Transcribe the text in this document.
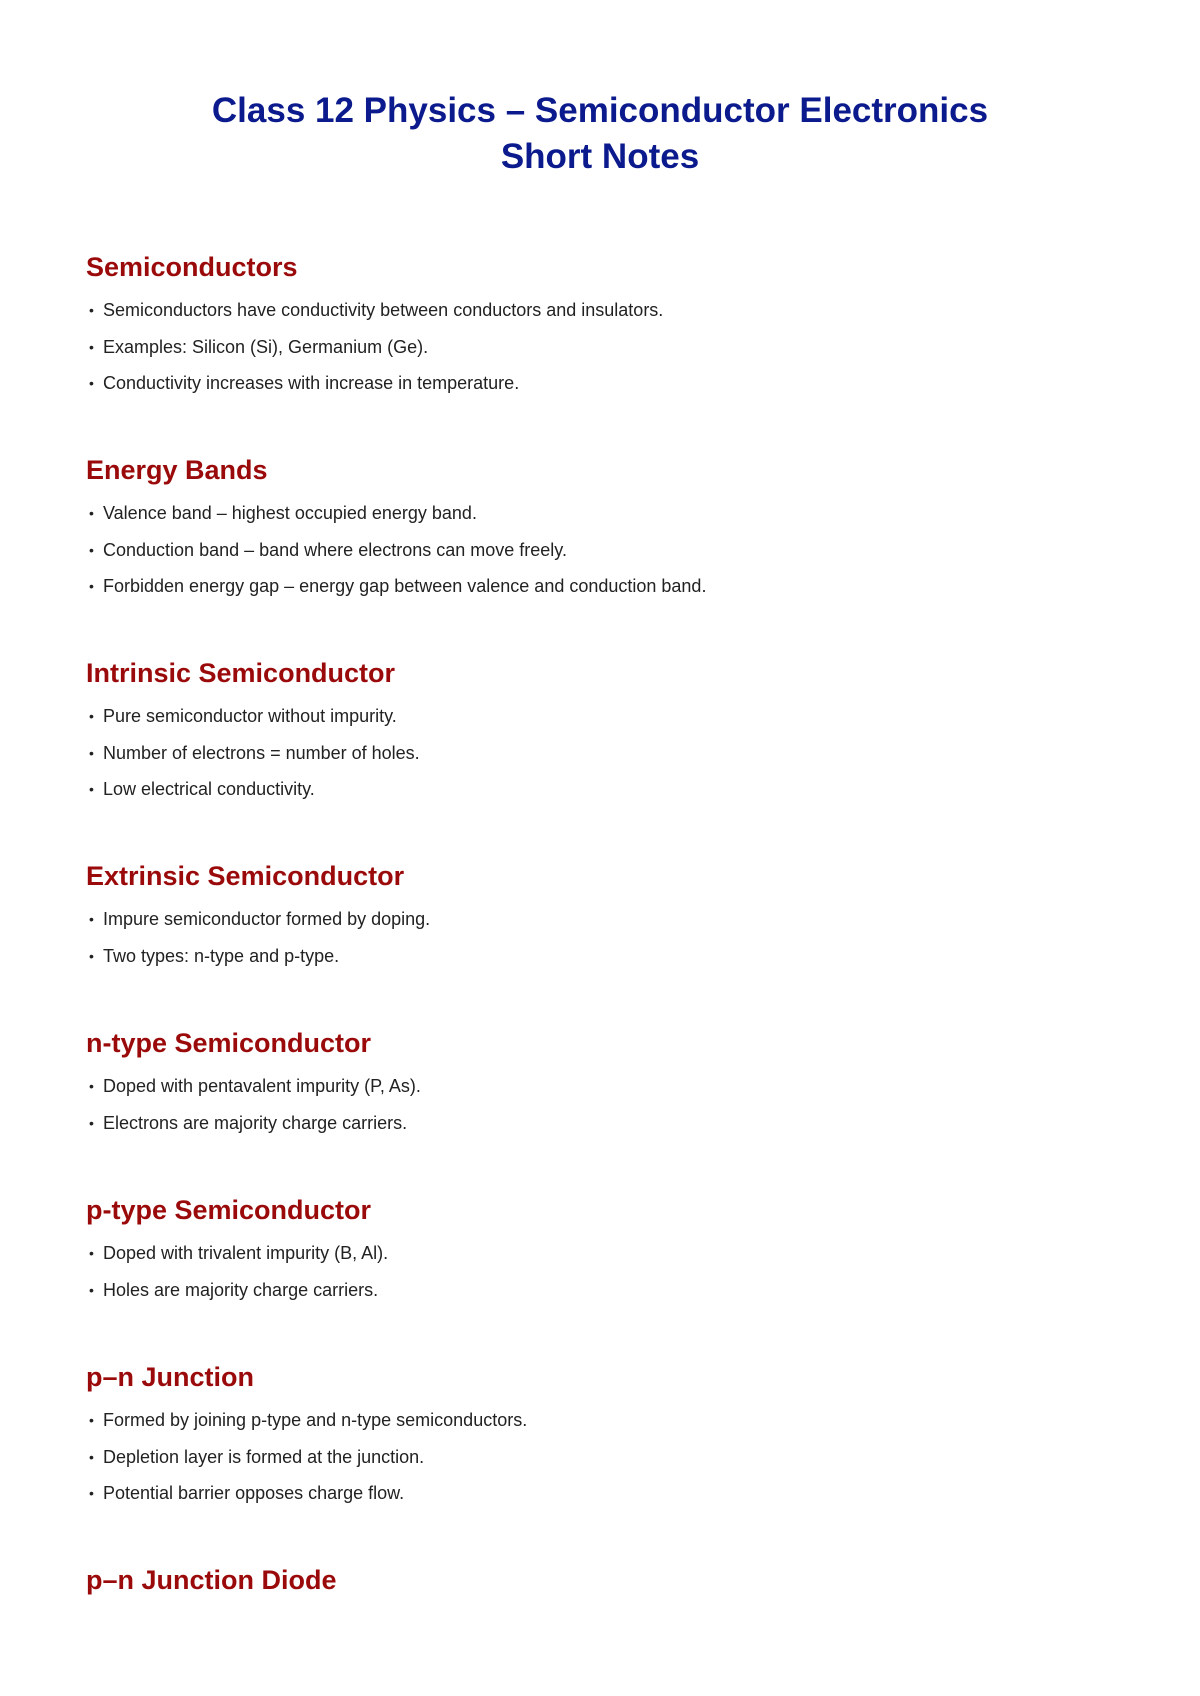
Class 12 Physics – Semiconductor Electronics
Short Notes
Semiconductors
• Semiconductors have conductivity between conductors and insulators.
• Examples: Silicon (Si), Germanium (Ge).
• Conductivity increases with increase in temperature.
Energy Bands
• Valence band – highest occupied energy band.
• Conduction band – band where electrons can move freely.
• Forbidden energy gap – energy gap between valence and conduction band.
Intrinsic Semiconductor
• Pure semiconductor without impurity.
• Number of electrons = number of holes.
• Low electrical conductivity.
Extrinsic Semiconductor
• Impure semiconductor formed by doping.
• Two types: n-type and p-type.
n-type Semiconductor
• Doped with pentavalent impurity (P, As).
• Electrons are majority charge carriers.
p-type Semiconductor
• Doped with trivalent impurity (B, Al).
• Holes are majority charge carriers.
p–n Junction
• Formed by joining p-type and n-type semiconductors.
• Depletion layer is formed at the junction.
• Potential barrier opposes charge flow.
p–n Junction Diode
